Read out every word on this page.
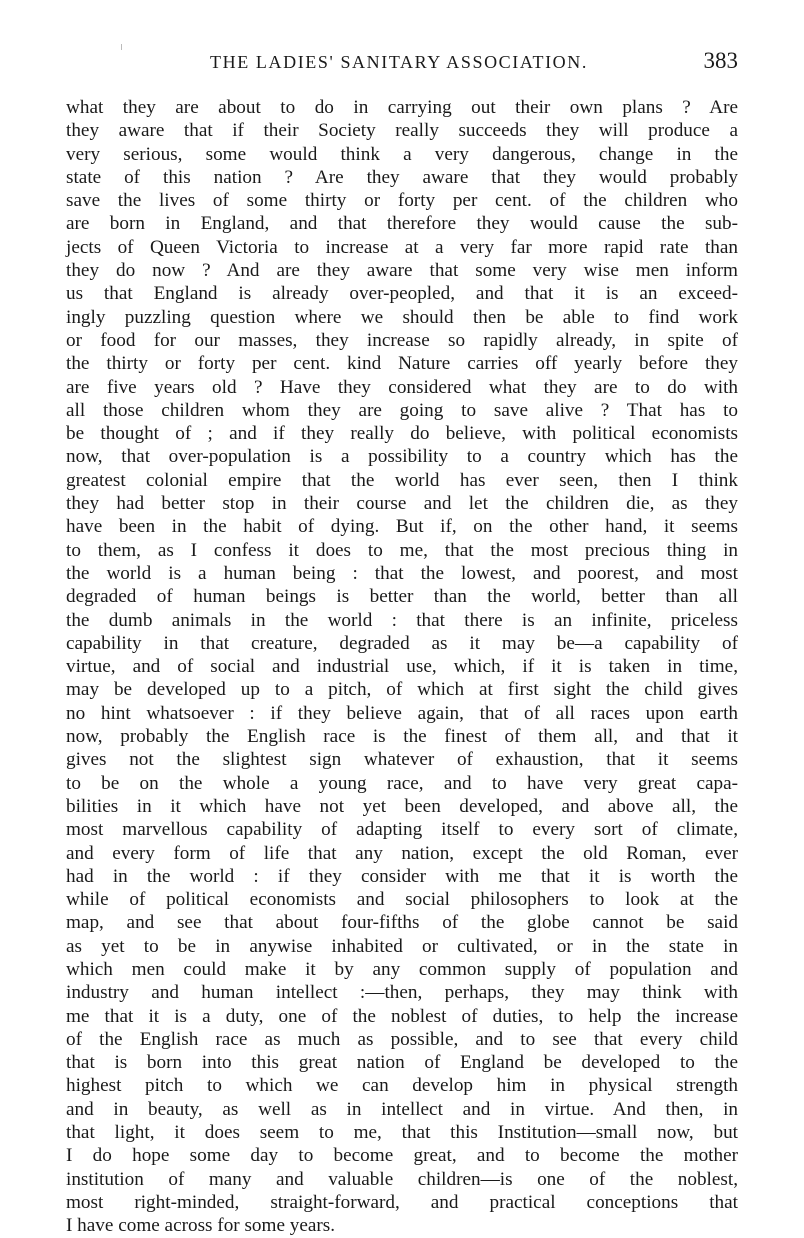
THE LADIES' SANITARY ASSOCIATION.	383
what they are about to do in carrying out their own plans ? Are
they aware that if their Society really succeeds they will produce a
very serious, some would think a very dangerous, change in the
state of this nation ? Are they aware that they would probably
save the lives of some thirty or forty per cent. of the children who
are born in England, and that therefore they would cause the sub-
jects of Queen Victoria to increase at a very far more rapid rate than
they do now ? And are they aware that some very wise men inform
us that England is already over-peopled, and that it is an exceed-
ingly puzzling question where we should then be able to find work
or food for our masses, they increase so rapidly already, in spite of
the thirty or forty per cent. kind Nature carries off yearly before they
are five years old ? Have they considered what they are to do with
all those children whom they are going to save alive ? That has to
be thought of ; and if they really do believe, with political economists
now, that over-population is a possibility to a country which has the
greatest colonial empire that the world has ever seen, then I think
they had better stop in their course and let the children die, as they
have been in the habit of dying. But if, on the other hand, it seems
to them, as I confess it does to me, that the most precious thing in
the world is a human being : that the lowest, and poorest, and most
degraded of human beings is better than the world, better than all
the dumb animals in the world : that there is an infinite, priceless
capability in that creature, degraded as it may be—a capability of
virtue, and of social and industrial use, which, if it is taken in time,
may be developed up to a pitch, of which at first sight the child gives
no hint whatsoever : if they believe again, that of all races upon earth
now, probably the English race is the finest of them all, and that it
gives not the slightest sign whatever of exhaustion, that it seems
to be on the whole a young race, and to have very great capa-
bilities in it which have not yet been developed, and above all, the
most marvellous capability of adapting itself to every sort of climate,
and every form of life that any nation, except the old Roman, ever
had in the world : if they consider with me that it is worth the
while of political economists and social philosophers to look at the
map, and see that about four-fifths of the globe cannot be said
as yet to be in anywise inhabited or cultivated, or in the state in
which men could make it by any common supply of population and
industry and human intellect :—then, perhaps, they may think with
me that it is a duty, one of the noblest of duties, to help the increase
of the English race as much as possible, and to see that every child
that is born into this great nation of England be developed to the
highest pitch to which we can develop him in physical strength
and in beauty, as well as in intellect and in virtue. And then, in
that light, it does seem to me, that this Institution—small now, but
I do hope some day to become great, and to become the mother
institution of many and valuable children—is one of the noblest,
most right-minded, straight-forward, and practical conceptions that
I have come across for some years.
